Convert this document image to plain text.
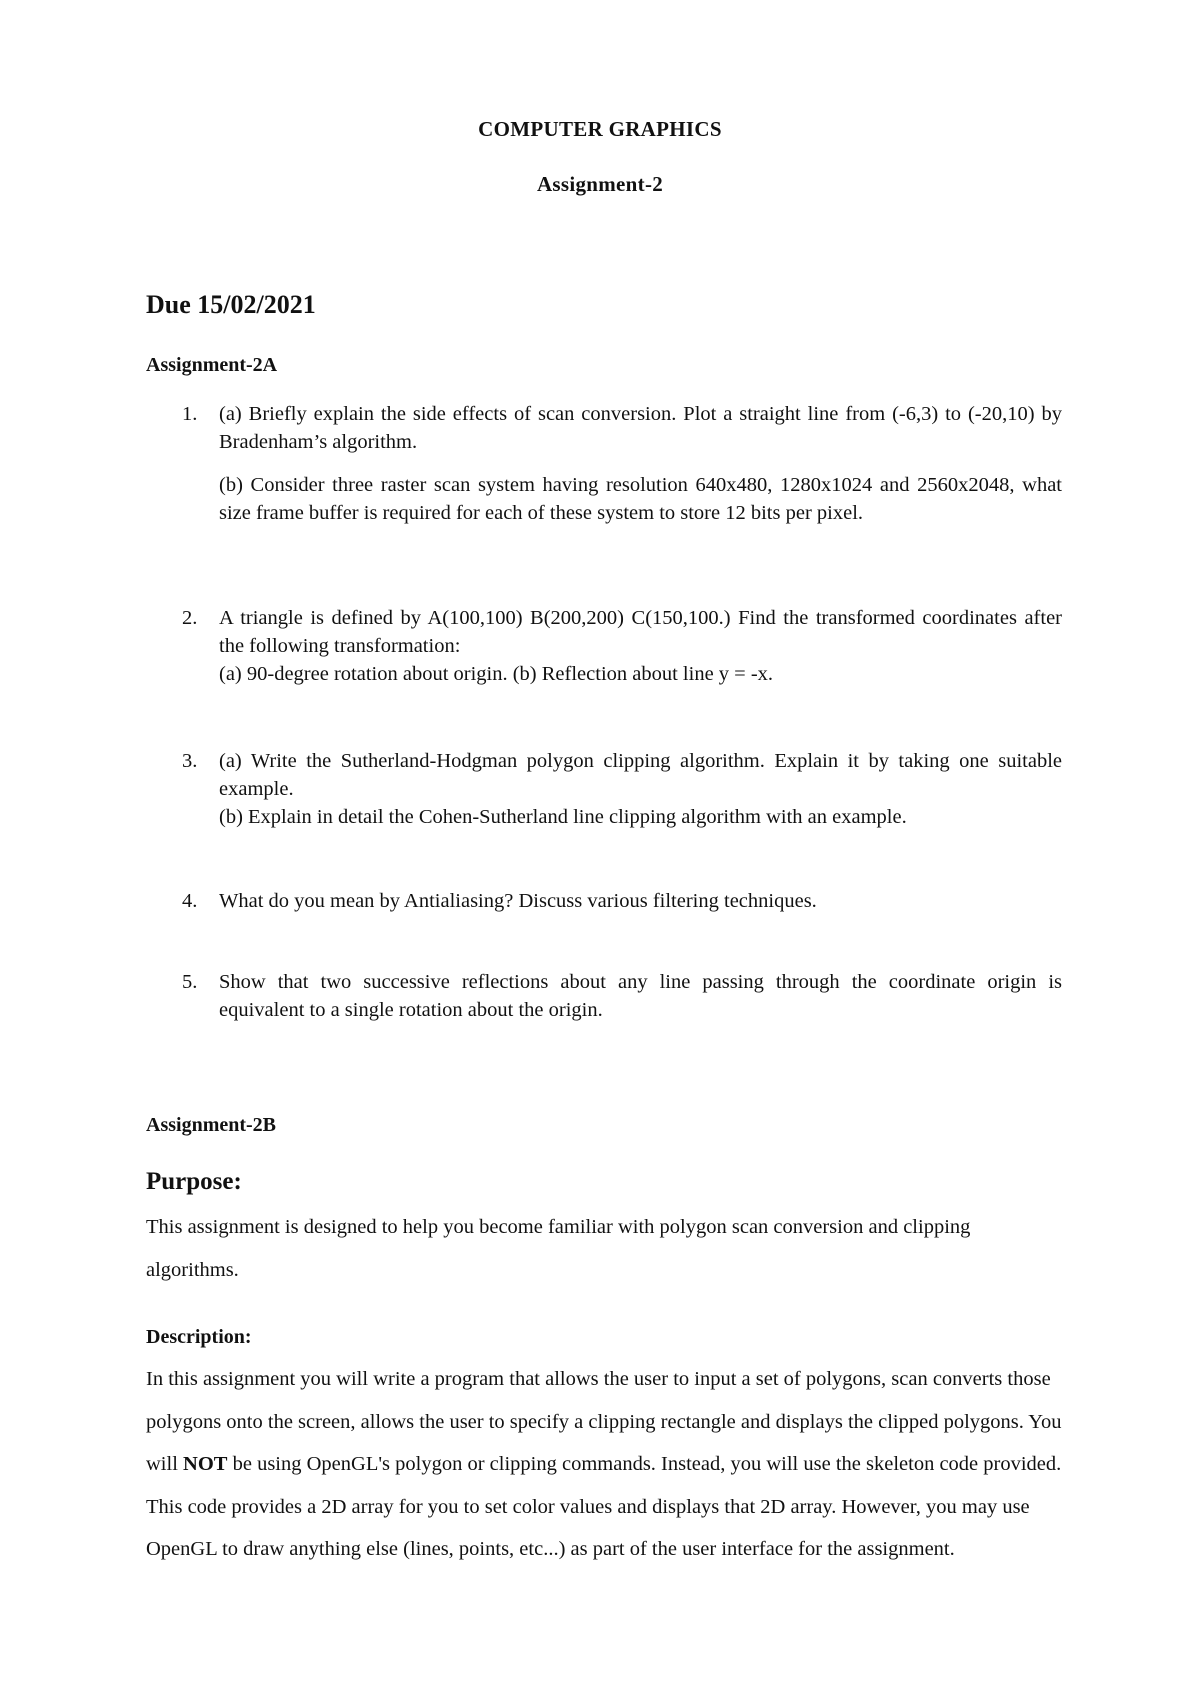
COMPUTER GRAPHICS
Assignment-2
Due 15/02/2021
Assignment-2A
1.	(a) Briefly explain the side effects of scan conversion. Plot a straight line from (-6,3) to (-20,10) by Bradenham’s algorithm.

(b) Consider three raster scan system having resolution 640x480, 1280x1024 and 2560x2048, what size frame buffer is required for each of these system to store 12 bits per pixel.

2.	A triangle is defined by A(100,100) B(200,200) C(150,100.) Find the transformed coordinates after the following transformation:

(a) 90-degree rotation about origin. (b) Reflection about line y = -x.

3.	(a) Write the Sutherland-Hodgman polygon clipping algorithm. Explain it by taking one suitable example.

(b) Explain in detail the Cohen-Sutherland line clipping algorithm with an example.

4.	What do you mean by Antialiasing? Discuss various filtering techniques.

5.	Show that two successive reflections about any line passing through the coordinate origin is equivalent to a single rotation about the origin.

Assignment-2B
Purpose:

This assignment is designed to help you become familiar with polygon scan conversion and clipping algorithms.

Description:

In this assignment you will write a program that allows the user to input a set of polygons, scan converts those polygons onto the screen, allows the user to specify a clipping rectangle and displays the clipped polygons. You will NOT be using OpenGL's polygon or clipping commands. Instead, you will use the skeleton code provided. This code provides a 2D array for you to set color values and displays that 2D array. However, you may use OpenGL to draw anything else (lines, points, etc...) as part of the user interface for the assignment.
